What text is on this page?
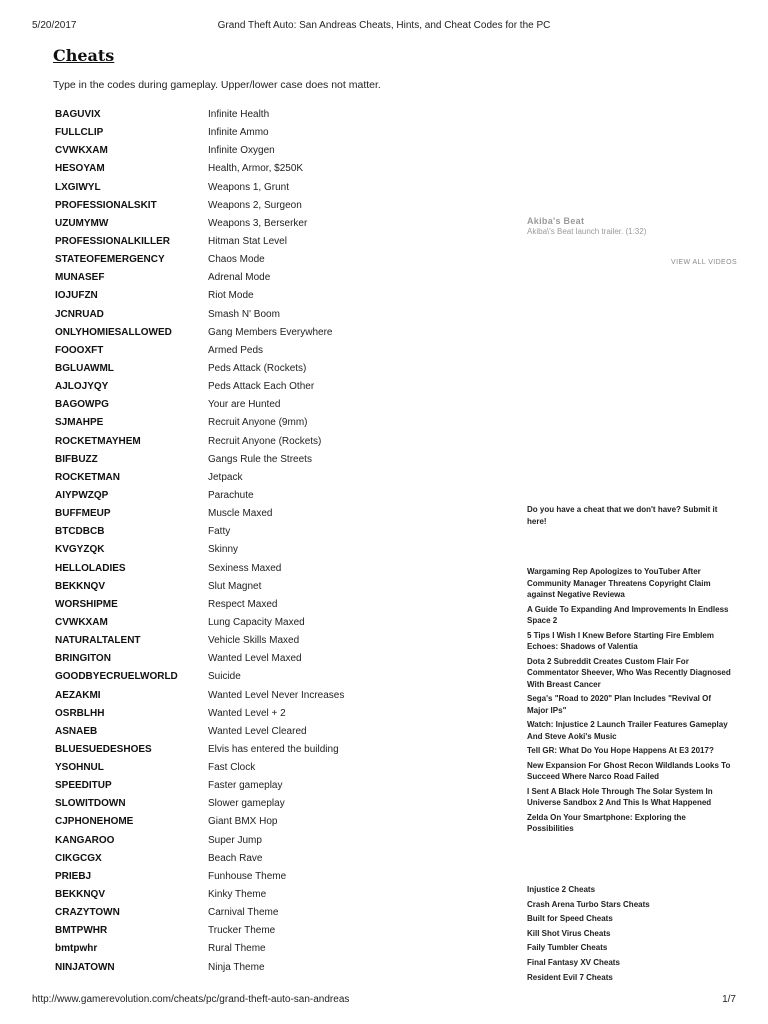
5/20/2017	Grand Theft Auto: San Andreas Cheats, Hints, and Cheat Codes for the PC
Cheats
Type in the codes during gameplay. Upper/lower case does not matter.
BAGUVIX	Infinite Health
FULLCLIP	Infinite Ammo
CVWKXAM	Infinite Oxygen
HESOYAM	Health, Armor, $250K
LXGIWYL	Weapons 1, Grunt
PROFESSIONALSKIT	Weapons 2, Surgeon
UZUMYMW	Weapons 3, Berserker
PROFESSIONALKILLER	Hitman Stat Level
STATEOFEMERGENCY	Chaos Mode
MUNASEF	Adrenal Mode
IOJUFZN	Riot Mode
JCNRUAD	Smash N' Boom
ONLYHOMIESALLOWED	Gang Members Everywhere
FOOOXFT	Armed Peds
BGLUAWML	Peds Attack (Rockets)
AJLOJYQY	Peds Attack Each Other
BAGOWPG	Your are Hunted
SJMAHPE	Recruit Anyone (9mm)
ROCKETMAYHEM	Recruit Anyone (Rockets)
BIFBUZZ	Gangs Rule the Streets
ROCKETMAN	Jetpack
AIYPWZQP	Parachute
BUFFMEUP	Muscle Maxed
BTCDBCB	Fatty
KVGYZQK	Skinny
HELLOLADIES	Sexiness Maxed
BEKKNQV	Slut Magnet
WORSHIPME	Respect Maxed
CVWKXAM	Lung Capacity Maxed
NATURALTALENT	Vehicle Skills Maxed
BRINGITON	Wanted Level Maxed
GOODBYECRUELWORLD	Suicide
AEZAKMI	Wanted Level Never Increases
OSRBLHH	Wanted Level + 2
ASNAEB	Wanted Level Cleared
BLUESUEDESHOES	Elvis has entered the building
YSOHNUL	Fast Clock
SPEEDITUP	Faster gameplay
SLOWITDOWN	Slower gameplay
CJPHONEHOME	Giant BMX Hop
KANGAROO	Super Jump
CIKGCGX	Beach Rave
PRIEBJ	Funhouse Theme
BEKKNQV	Kinky Theme
CRAZYTOWN	Carnival Theme
BMTPWHR	Trucker Theme
bmtpwhr	Rural Theme
NINJATOWN	Ninja Theme
Akiba's Beat
Akiba\'s Beat launch trailer. (1:32)
VIEW ALL VIDEOS
Do you have a cheat that we don't have? Submit it here!
Wargaming Rep Apologizes to YouTuber After Community Manager Threatens Copyright Claim against Negative Reviewa
A Guide To Expanding And Improvements In Endless Space 2
5 Tips I Wish I Knew Before Starting Fire Emblem Echoes: Shadows of Valentia
Dota 2 Subreddit Creates Custom Flair For Commentator Sheever, Who Was Recently Diagnosed With Breast Cancer
Sega's "Road to 2020" Plan Includes "Revival Of Major IPs"
Watch: Injustice 2 Launch Trailer Features Gameplay And Steve Aoki's Music
Tell GR: What Do You Hope Happens At E3 2017?
New Expansion For Ghost Recon Wildlands Looks To Succeed Where Narco Road Failed
I Sent A Black Hole Through The Solar System In Universe Sandbox 2 And This Is What Happened
Zelda On Your Smartphone: Exploring the Possibilities
Injustice 2 Cheats
Crash Arena Turbo Stars Cheats
Built for Speed Cheats
Kill Shot Virus Cheats
Faily Tumbler Cheats
Final Fantasy XV Cheats
Resident Evil 7 Cheats
http://www.gamerevolution.com/cheats/pc/grand-theft-auto-san-andreas	1/7
